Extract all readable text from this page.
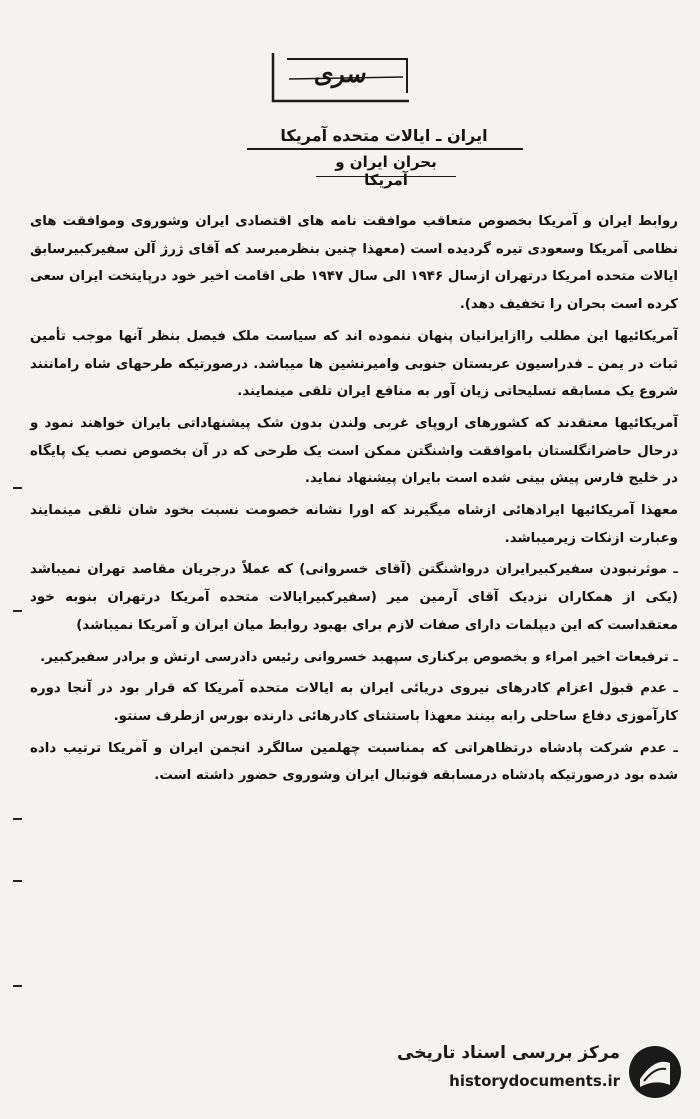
سری
ایران ـ ایالات متحده آمریکا
بحران ایران و آمریکا

روابط ایران و آمریکا بخصوص متعاقب موافقت نامه های اقتصادی ایران وشوروی وموافقت های نظامی آمریکا وسعودی تیره گردیده است (معهذا چنین بنظرمیرسد که آقای ژرژ آلن سفیرکبیرسابق ایالات متحده امریکا درتهران ازسال ۱۹۴۶ الی سال ۱۹۴۷ طی اقامت اخیر خود درپایتخت ایران سعی کرده است بحران را تخفیف دهد).

آمریکائیها این مطلب راازایرانیان پنهان ننموده اند که سیاست ملک فیصل بنظر آنها موجب تأمین ثبات در یمن ـ فدراسیون عربستان جنوبی وامیرنشین ها میباشد. درصورتیکه طرحهای شاه راماننند شروع یک مسابقه تسلیحاتی زیان آور به منافع ایران تلقی مینمایند.

آمریکائیها معتقدند که کشورهای اروپای غربی ولندن بدون شک پیشنهاداتی بایران خواهند نمود و درحال حاضرانگلستان باموافقت واشنگتن ممکن است یک طرحی که در آن بخصوص نصب یک پایگاه در خلیج فارس پیش بینی شده است بایران پیشنهاد نماید.

معهذا آمریکائیها ایرادهائی ازشاه میگیرند که اورا نشانه خصومت نسبت بخود شان تلقی مینمایند وعبارت ازنکات زیرمیباشد.

ـ موثرنبودن سفیرکبیرایران درواشنگتن (آقای خسروانی) که عملاً درجریان مقاصد تهران نمیباشد (یکی از همکاران نزدیک آقای آرمین میر (سفیرکبیرایالات متحده آمریکا درتهران بنوبه خود معتقداست که این دیپلمات دارای صفات لازم برای بهبود روابط میان ایران و آمریکا نمیباشد)

ـ ترفیعات اخیر امراء و بخصوص برکناری سپهبد خسروانی رئیس دادرسی ارتش و برادر سفیرکبیر.

ـ عدم قبول اعزام کادرهای نیروی دریائی ایران به ایالات متحده آمریکا که قرار بود در آنجا دوره کارآموزی دفاع ساحلی رابه بینند معهذا باستثنای کادرهائی دارنده بورس ازطرف سنتو.

ـ عدم شرکت پادشاه درتظاهراتی که بمناسبت چهلمین سالگرد انجمن ایران و آمریکا ترتیب داده شده بود درصورتیکه پادشاه درمسابقه فوتبال ایران وشوروی حضور داشته است.

مرکز بررسی اسناد تاریخی
historydocuments.ir
